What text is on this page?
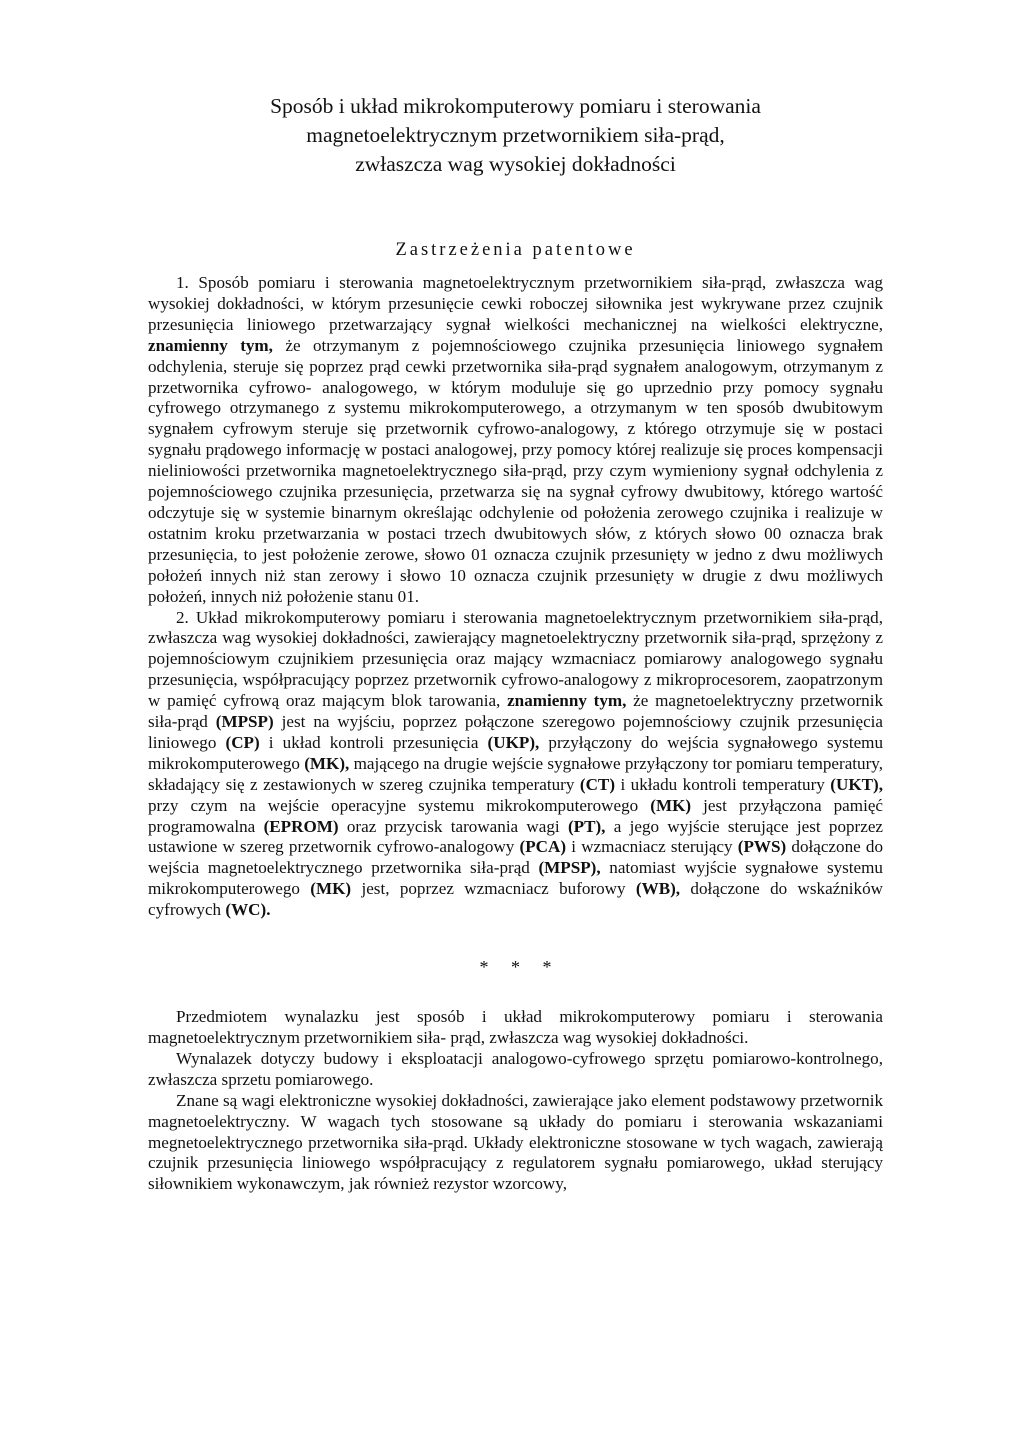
Sposób i układ mikrokomputerowy pomiaru i sterowania
magnetoelektrycznym przetwornikiem siła-prąd,
zwłaszcza wag wysokiej dokładności
Zastrzeżenia patentowe

1. Sposób pomiaru i sterowania magnetoelektrycznym przetwornikiem siła-prąd, zwłaszcza wag wysokiej dokładności, w którym przesunięcie cewki roboczej siłownika jest wykrywane przez czujnik przesunięcia liniowego przetwarzający sygnał wielkości mechanicznej na wielkości elektryczne, znamienny tym, że otrzymanym z pojemnościowego czujnika przesunięcia liniowego sygnałem odchylenia, steruje się poprzez prąd cewki przetwornika siła-prąd sygnałem analogowym, otrzymanym z przetwornika cyfrowo- analogowego, w którym moduluje się go uprzednio przy pomocy sygnału cyfrowego otrzymanego z systemu mikrokomputerowego, a otrzymanym w ten sposób dwubitowym sygnałem cyfrowym steruje się przetwornik cyfrowo-analogowy, z którego otrzymuje się w postaci sygnału prądowego informację w postaci analogowej, przy pomocy której realizuje się proces kompensacji nieliniowości przetwornika magnetoelektrycznego siła-prąd, przy czym wymieniony sygnał odchylenia z pojemnościowego czujnika przesunięcia, przetwarza się na sygnał cyfrowy dwubitowy, którego wartość odczytuje się w systemie binarnym określając odchylenie od położenia zerowego czujnika i realizuje w ostatnim kroku przetwarzania w postaci trzech dwubitowych słów, z których słowo 00 oznacza brak przesunięcia, to jest położenie zerowe, słowo 01 oznacza czujnik przesunięty w jedno z dwu możliwych położeń innych niż stan zerowy i słowo 10 oznacza czujnik przesunięty w drugie z dwu możliwych położeń, innych niż położenie stanu 01.

2. Układ mikrokomputerowy pomiaru i sterowania magnetoelektrycznym przetwornikiem siła-prąd, zwłaszcza wag wysokiej dokładności, zawierający magnetoelektryczny przetwornik siła-prąd, sprzężony z pojemnościowym czujnikiem przesunięcia oraz mający wzmacniacz pomiarowy analogowego sygnału przesunięcia, współpracujący poprzez przetwornik cyfrowo-analogowy z mikroprocesorem, zaopatrzonym w pamięć cyfrową oraz mającym blok tarowania, znamienny tym, że magnetoelektryczny przetwornik siła-prąd (MPSP) jest na wyjściu, poprzez połączone szeregowo pojemnościowy czujnik przesunięcia liniowego (CP) i układ kontroli przesunięcia (UKP), przyłączony do wejścia sygnałowego systemu mikrokomputerowego (MK), mającego na drugie wejście sygnałowe przyłączony tor pomiaru temperatury, składający się z zestawionych w szereg czujnika temperatury (CT) i układu kontroli temperatury (UKT), przy czym na wejście operacyjne systemu mikrokomputerowego (MK) jest przyłączona pamięć programowalna (EPROM) oraz przycisk tarowania wagi (PT), a jego wyjście sterujące jest poprzez ustawione w szereg przetwornik cyfrowo-analogowy (PCA) i wzmacniacz sterujący (PWS) dołączone do wejścia magnetoelektrycznego przetwornika siła-prąd (MPSP), natomiast wyjście sygnałowe systemu mikrokomputerowego (MK) jest, poprzez wzmacniacz buforowy (WB), dołączone do wskaźników cyfrowych (WC).

* * *

Przedmiotem wynalazku jest sposób i układ mikrokomputerowy pomiaru i sterowania magnetoelektrycznym przetwornikiem siła- prąd, zwłaszcza wag wysokiej dokładności.

Wynalazek dotyczy budowy i eksploatacji analogowo-cyfrowego sprzętu pomiarowo-kontrolnego, zwłaszcza sprzetu pomiarowego.

Znane są wagi elektroniczne wysokiej dokładności, zawierające jako element podstawowy przetwornik magnetoelektryczny. W wagach tych stosowane są układy do pomiaru i sterowania wskazaniami megnetoelektrycznego przetwornika siła-prąd. Układy elektroniczne stosowane w tych wagach, zawierają czujnik przesunięcia liniowego współpracujący z regulatorem sygnału pomiarowego, układ sterujący siłownikiem wykonawczym, jak również rezystor wzorcowy,
